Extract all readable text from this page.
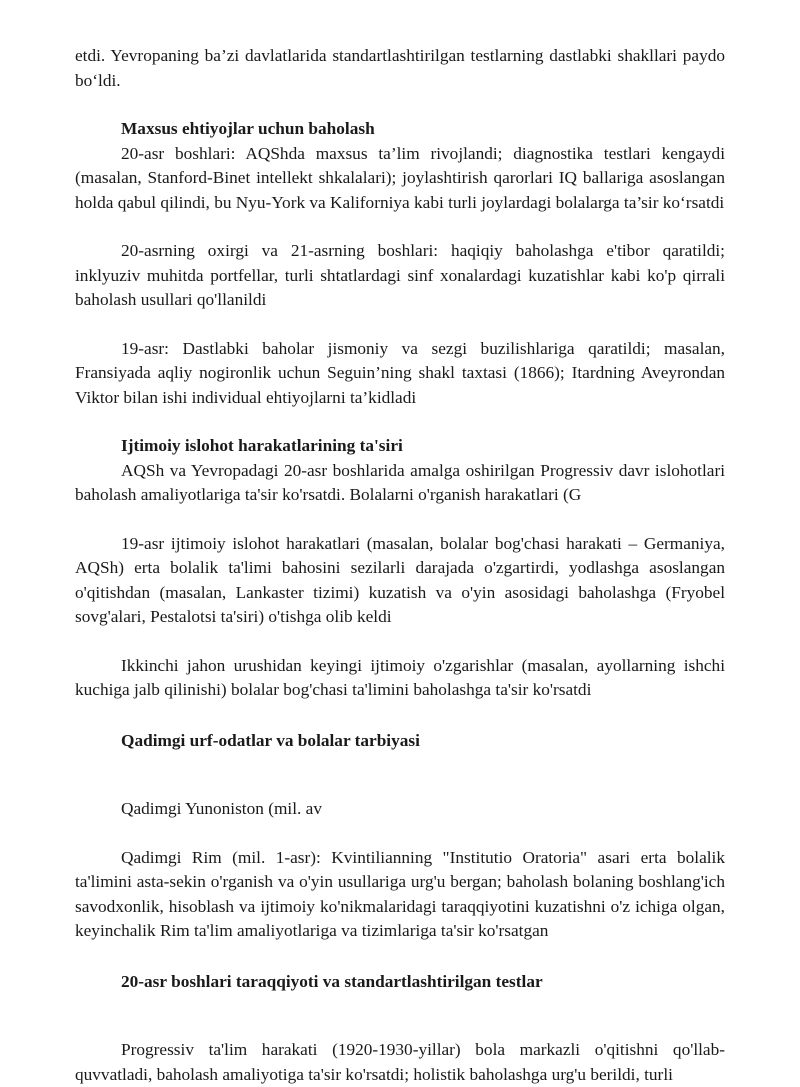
etdi. Yevropaning ba’zi davlatlarida standartlashtirilgan testlarning dastlabki shakllari paydo bo‘ldi.

Maxsus ehtiyojlar uchun baholash

20-asr boshlari: AQShda maxsus ta’lim rivojlandi; diagnostika testlari kengaydi (masalan, Stanford-Binet intellekt shkalalari); joylashtirish qarorlari IQ ballariga asoslangan holda qabul qilindi, bu Nyu-York va Kaliforniya kabi turli joylardagi bolalarga ta’sir ko‘rsatdi

20-asrning oxirgi va 21-asrning boshlari: haqiqiy baholashga e'tibor qaratildi; inklyuziv muhitda portfellar, turli shtatlardagi sinf xonalardagi kuzatishlar kabi ko'p qirrali baholash usullari qo'llanildi

19-asr: Dastlabki baholar jismoniy va sezgi buzilishlariga qaratildi; masalan, Fransiyada aqliy nogironlik uchun Seguin’ning shakl taxtasi (1866); Itardning Aveyrondan Viktor bilan ishi individual ehtiyojlarni ta’kidladi

Ijtimoiy islohot harakatlarining ta'siri

AQSh va Yevropadagi 20-asr boshlarida amalga oshirilgan Progressiv davr islohotlari baholash amaliyotlariga ta'sir ko'rsatdi. Bolalarni o'rganish harakatlari (G

19-asr ijtimoiy islohot harakatlari (masalan, bolalar bog'chasi harakati – Germaniya, AQSh) erta bolalik ta'limi bahosini sezilarli darajada o'zgartirdi, yodlashga asoslangan o'qitishdan (masalan, Lankaster tizimi) kuzatish va o'yin asosidagi baholashga (Fryobel sovg'alari, Pestalotsi ta'siri) o'tishga olib keldi

Ikkinchi jahon urushidan keyingi ijtimoiy o'zgarishlar (masalan, ayollarning ishchi kuchiga jalb qilinishi) bolalar bog'chasi ta'limini baholashga ta'sir ko'rsatdi

Qadimgi urf-odatlar va bolalar tarbiyasi

Qadimgi Yunoniston (mil. av

Qadimgi Rim (mil. 1-asr): Kvintilianning "Institutio Oratoria" asari erta bolalik ta'limini asta-sekin o'rganish va o'yin usullariga urg'u bergan; baholash bolaning boshlang'ich savodxonlik, hisoblash va ijtimoiy ko'nikmalaridagi taraqqiyotini kuzatishni o'z ichiga olgan, keyinchalik Rim ta'lim amaliyotlariga va tizimlariga ta'sir ko'rsatgan

20-asr boshlari taraqqiyoti va standartlashtirilgan testlar

Progressiv ta'lim harakati (1920-1930-yillar) bola markazli o'qitishni qo'llab-quvvatladi, baholash amaliyotiga ta'sir ko'rsatdi; holistik baholashga urg'u berildi, turli
